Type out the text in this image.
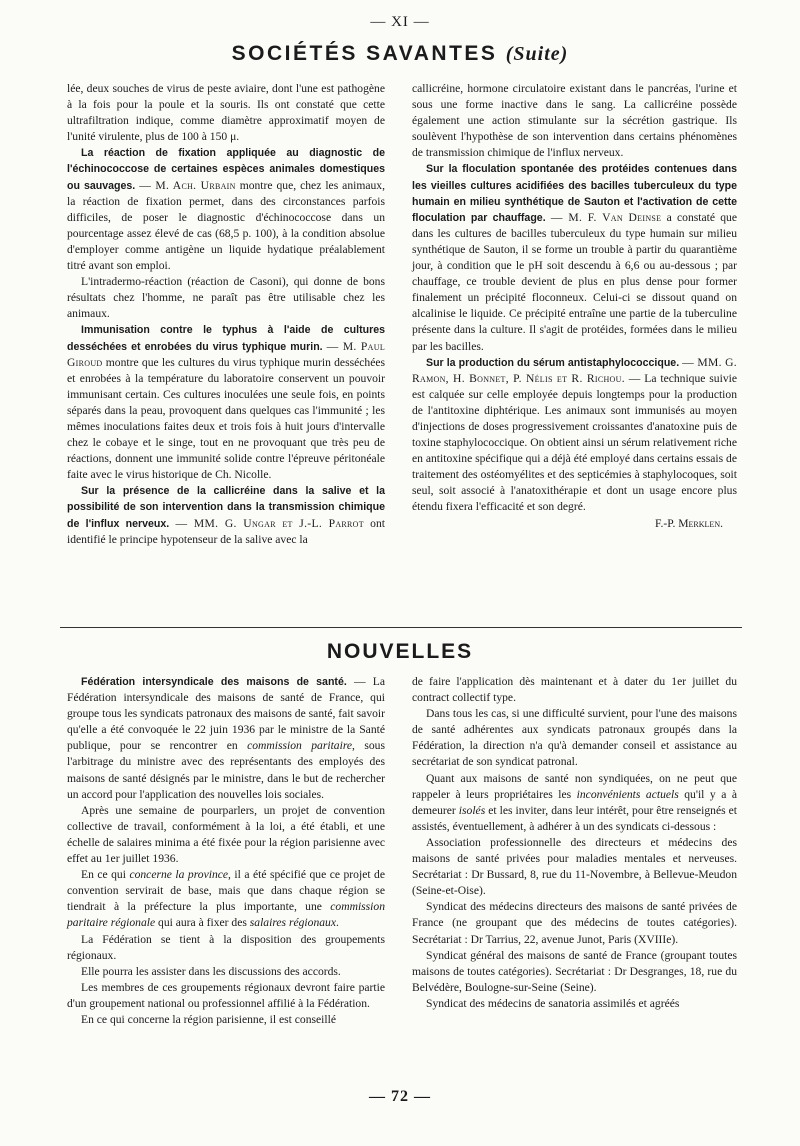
— XI —
SOCIÉTÉS SAVANTES (Suite)

lée, deux souches de virus de peste aviaire, dont l'une est pathogène à la fois pour la poule et la souris. Ils ont constaté que cette ultrafiltration indique, comme diamètre approximatif moyen de l'unité virulente, plus de 100 à 150 μ.

La réaction de fixation appliquée au diagnostic de l'échinococcose de certaines espèces animales domestiques ou sauvages. — M. Ach. Urbain montre que, chez les animaux, la réaction de fixation permet, dans des circonstances parfois difficiles, de poser le diagnostic d'échinococcose dans un pourcentage assez élevé de cas (68,5 p. 100), à la condition absolue d'employer comme antigène un liquide hydatique préalablement titré avant son emploi.

L'intradermo-réaction (réaction de Casoni), qui donne de bons résultats chez l'homme, ne paraît pas être utilisable chez les animaux.

Immunisation contre le typhus à l'aide de cultures desséchées et enrobées du virus typhique murin. — M. Paul Giroud montre que les cultures du virus typhique murin desséchées et enrobées à la température du laboratoire conservent un pouvoir immunisant certain. Ces cultures inoculées une seule fois, en points séparés dans la peau, provoquent dans quelques cas l'immunité ; les mêmes inoculations faites deux et trois fois à huit jours d'intervalle chez le cobaye et le singe, tout en ne provoquant que très peu de réactions, donnent une immunité solide contre l'épreuve péritonéale faite avec le virus historique de Ch. Nicolle.

Sur la présence de la callicréine dans la salive et la possibilité de son intervention dans la transmission chimique de l'influx nerveux. — MM. G. Ungar et J.-L. Parrot ont identifié le principe hypotenseur de la salive avec la

callicréine, hormone circulatoire existant dans le pancréas, l'urine et sous une forme inactive dans le sang. La callicréine possède également une action stimulante sur la sécrétion gastrique. Ils soulèvent l'hypothèse de son intervention dans certains phénomènes de transmission chimique de l'influx nerveux.

Sur la floculation spontanée des protéides contenues dans les vieilles cultures acidifiées des bacilles tuberculeux du type humain en milieu synthétique de Sauton et l'activation de cette floculation par chauffage. — M. F. Van Deinse a constaté que dans les cultures de bacilles tuberculeux du type humain sur milieu synthétique de Sauton, il se forme un trouble à partir du quarantième jour, à condition que le pH soit descendu à 6,6 ou au-dessous ; par chauffage, ce trouble devient de plus en plus dense pour former finalement un précipité floconneux. Celui-ci se dissout quand on alcalinise le liquide. Ce précipité entraîne une partie de la tuberculine présente dans la culture. Il s'agit de protéides, formées dans le milieu par les bacilles.

Sur la production du sérum antistaphylococcique. — MM. G. Ramon, H. Bonnet, P. Nélis et R. Richou. — La technique suivie est calquée sur celle employée depuis longtemps pour la production de l'antitoxine diphtérique. Les animaux sont immunisés au moyen d'injections de doses progressivement croissantes d'anatoxine puis de toxine staphylococcique. On obtient ainsi un sérum relativement riche en antitoxine spécifique qui a déjà été employé dans certains essais de traitement des ostéomyélites et des septicémies à staphylocoques, soit seul, soit associé à l'anatoxithérapie et dont un usage encore plus étendu fixera l'efficacité et son degré.

F.-P. Merklen.

NOUVELLES

Fédération intersyndicale des maisons de santé. — La Fédération intersyndicale des maisons de santé de France, qui groupe tous les syndicats patronaux des maisons de santé, fait savoir qu'elle a été convoquée le 22 juin 1936 par le ministre de la Santé publique, pour se rencontrer en commission paritaire, sous l'arbitrage du ministre avec des représentants des employés des maisons de santé désignés par le ministre, dans le but de rechercher un accord pour l'application des nouvelles lois sociales.

Après une semaine de pourparlers, un projet de convention collective de travail, conformément à la loi, a été établi, et une échelle de salaires minima a été fixée pour la région parisienne avec effet au 1er juillet 1936.

En ce qui concerne la province, il a été spécifié que ce projet de convention servirait de base, mais que dans chaque région se tiendrait à la préfecture la plus importante, une commission paritaire régionale qui aura à fixer des salaires régionaux.

La Fédération se tient à la disposition des groupements régionaux.

Elle pourra les assister dans les discussions des accords.

Les membres de ces groupements régionaux devront faire partie d'un groupement national ou professionnel affilié à la Fédération.

En ce qui concerne la région parisienne, il est conseillé

de faire l'application dès maintenant et à dater du 1er juillet du contract collectif type.

Dans tous les cas, si une difficulté survient, pour l'une des maisons de santé adhérentes aux syndicats patronaux groupés dans la Fédération, la direction n'a qu'à demander conseil et assistance au secrétariat de son syndicat patronal.

Quant aux maisons de santé non syndiquées, on ne peut que rappeler à leurs propriétaires les inconvénients actuels qu'il y a à demeurer isolés et les inviter, dans leur intérêt, pour être renseignés et assistés, éventuellement, à adhérer à un des syndicats ci-dessous :

Association professionnelle des directeurs et médecins des maisons de santé privées pour maladies mentales et nerveuses. Secrétariat : Dr Bussard, 8, rue du 11-Novembre, à Bellevue-Meudon (Seine-et-Oise).

Syndicat des médecins directeurs des maisons de santé privées de France (ne groupant que des médecins de toutes catégories). Secrétariat : Dr Tarrius, 22, avenue Junot, Paris (XVIIIe).

Syndicat général des maisons de santé de France (groupant toutes maisons de toutes catégories). Secrétariat : Dr Desgranges, 18, rue du Belvédère, Boulogne-sur-Seine (Seine).

Syndicat des médecins de sanatoria assimilés et agréés

— 72 —
